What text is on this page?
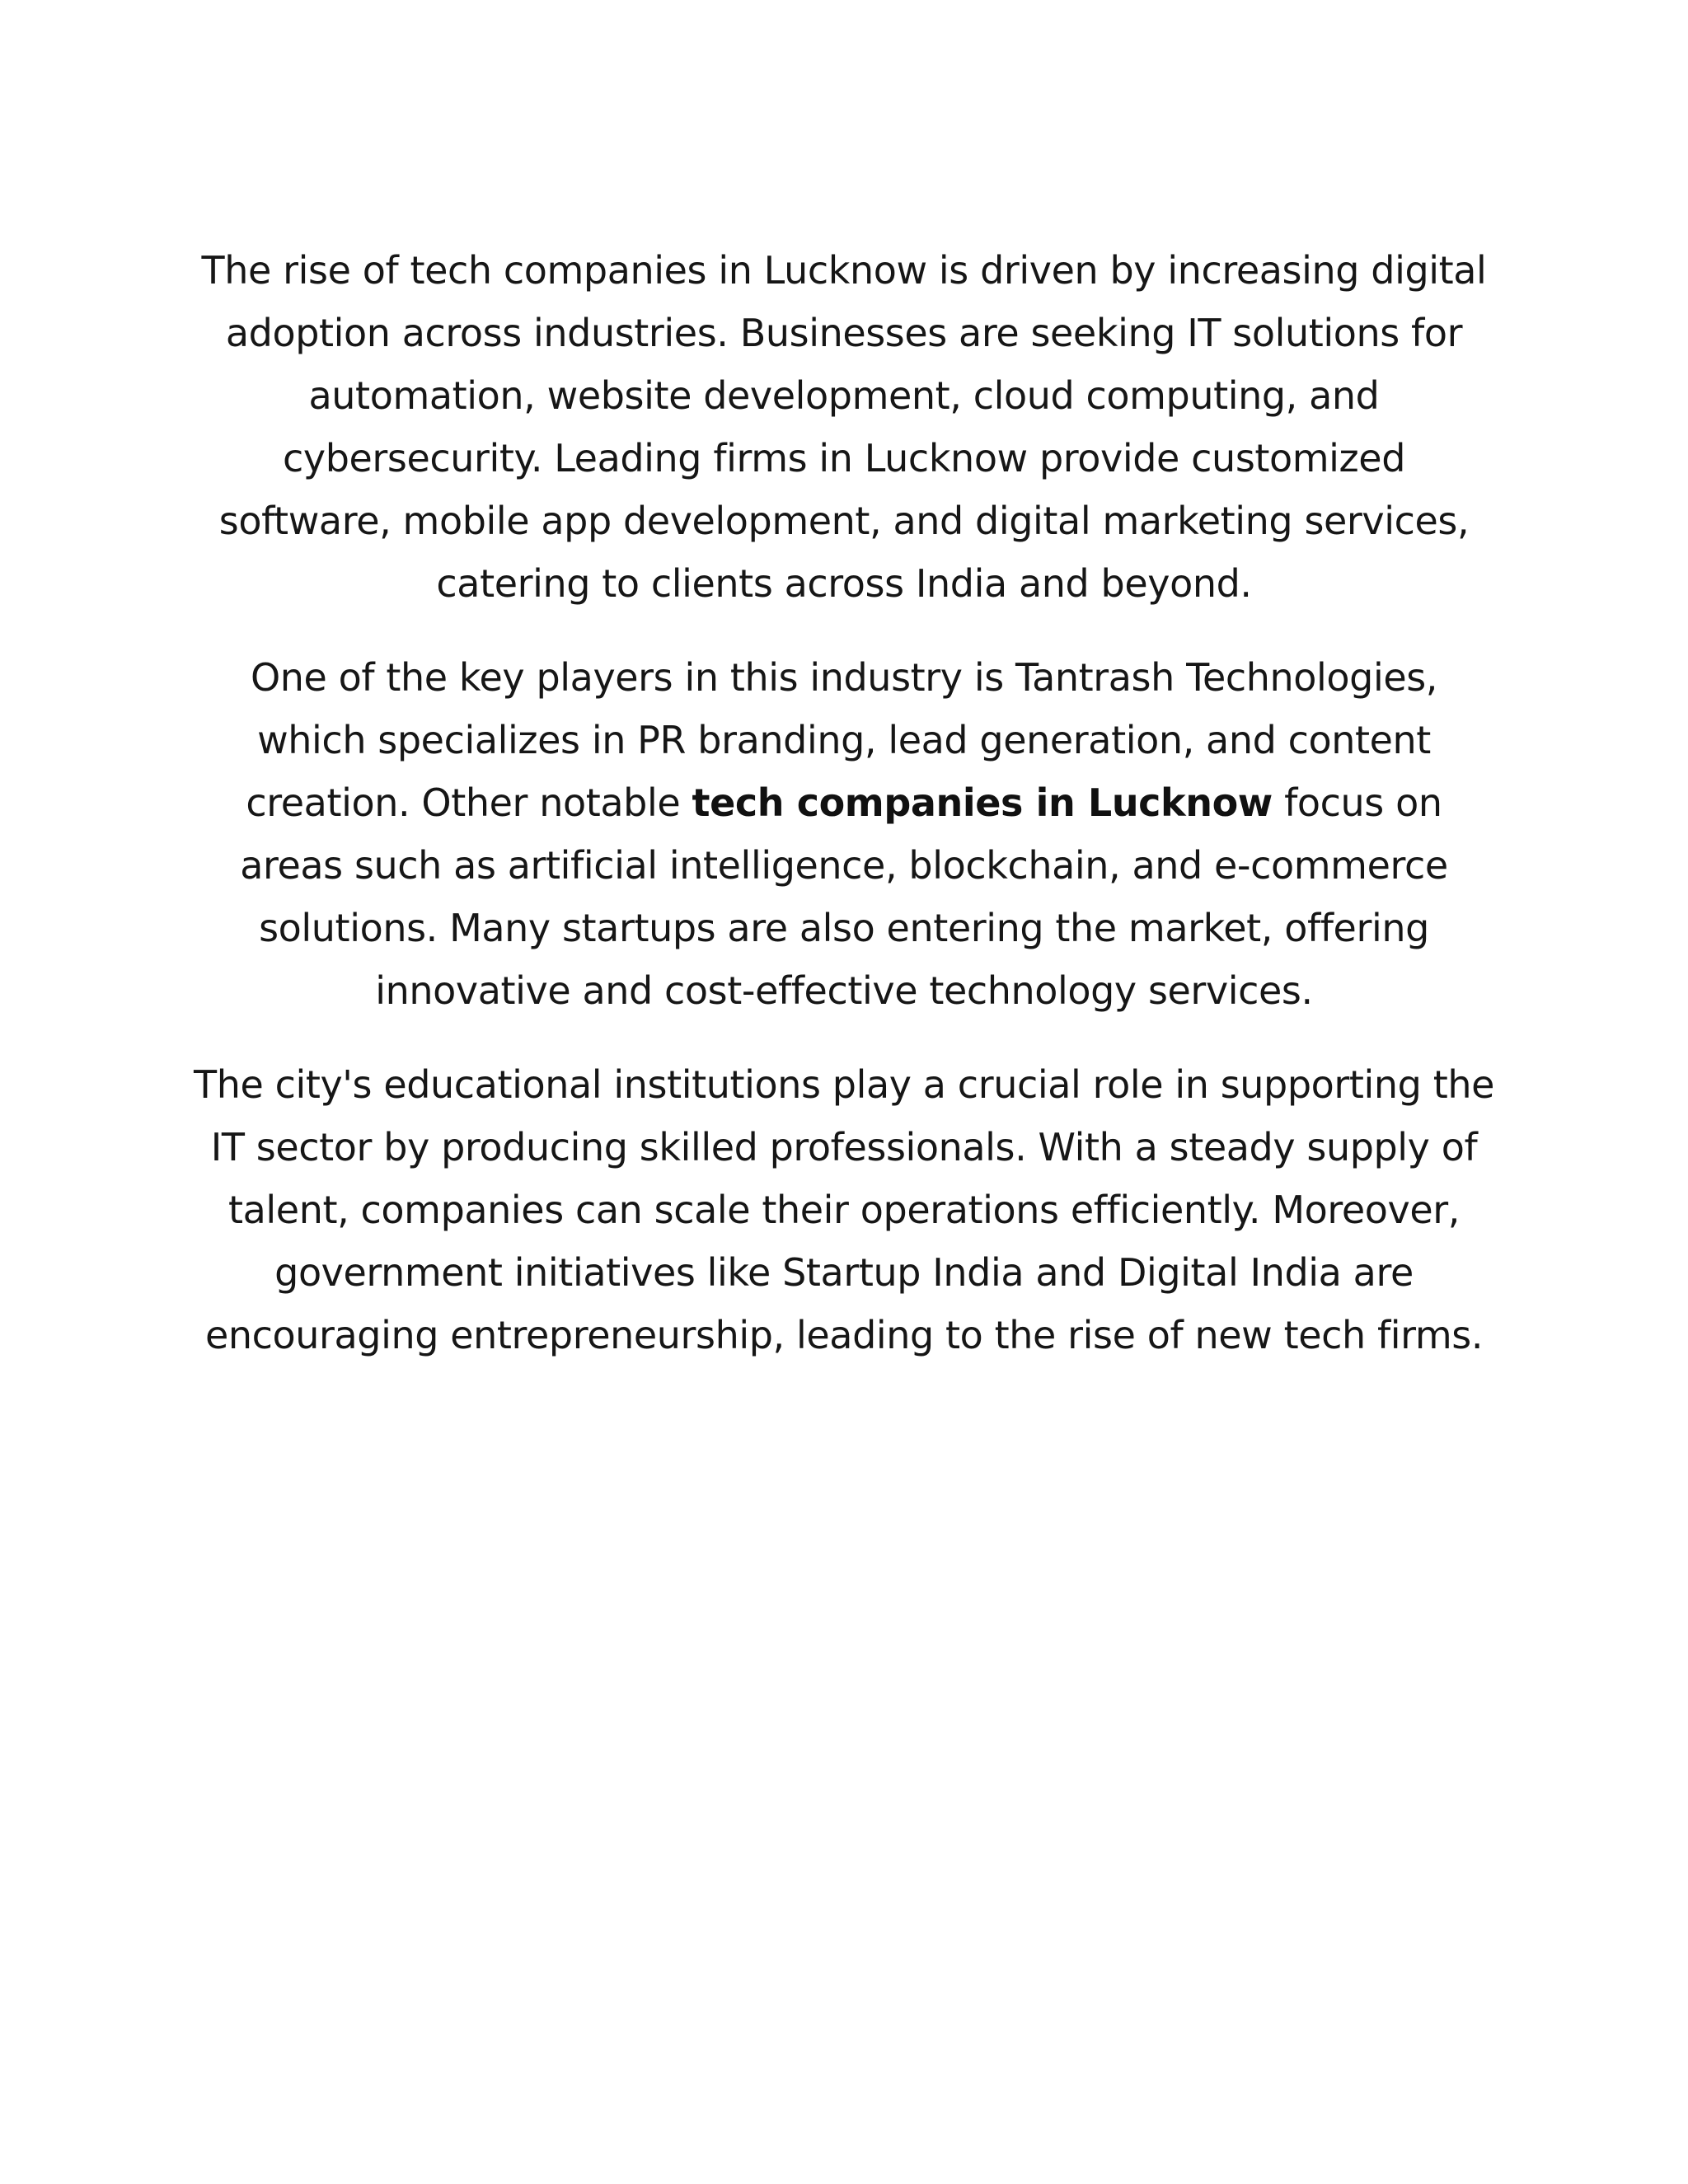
The rise of tech companies in Lucknow is driven by increasing digital adoption across industries. Businesses are seeking IT solutions for automation, website development, cloud computing, and cybersecurity. Leading firms in Lucknow provide customized software, mobile app development, and digital marketing services, catering to clients across India and beyond.

One of the key players in this industry is Tantrash Technologies, which specializes in PR branding, lead generation, and content creation. Other notable tech companies in Lucknow focus on areas such as artificial intelligence, blockchain, and e-commerce solutions. Many startups are also entering the market, offering innovative and cost-effective technology services.

The city's educational institutions play a crucial role in supporting the IT sector by producing skilled professionals. With a steady supply of talent, companies can scale their operations efficiently. Moreover, government initiatives like Startup India and Digital India are encouraging entrepreneurship, leading to the rise of new tech firms.
